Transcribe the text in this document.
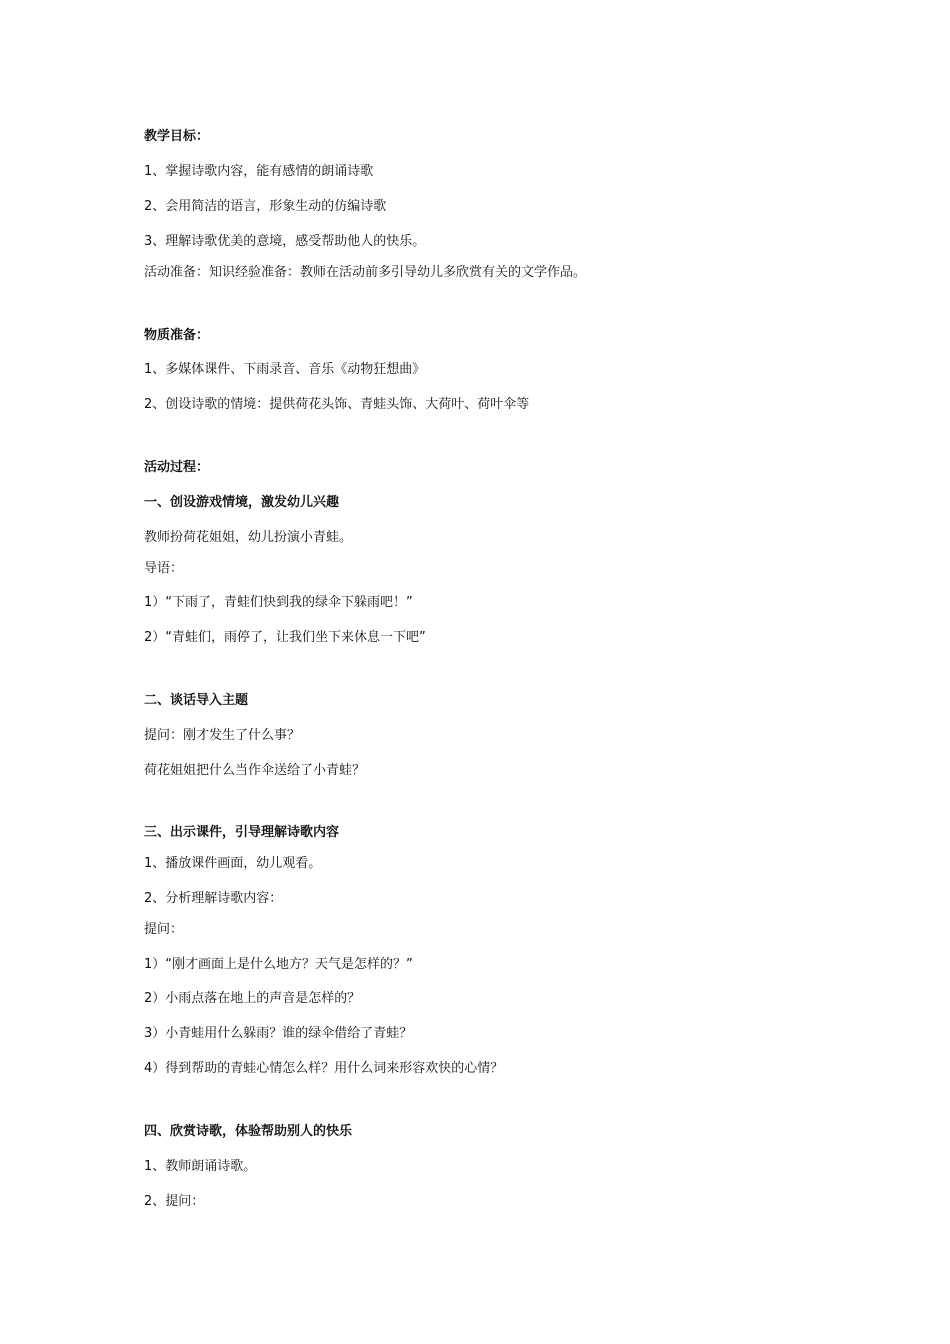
教学目标：
1、掌握诗歌内容，能有感情的朗诵诗歌
2、会用简洁的语言，形象生动的仿编诗歌
3、理解诗歌优美的意境，感受帮助他人的快乐。
活动准备：知识经验准备：教师在活动前多引导幼儿多欣赏有关的文学作品。
物质准备：
1、多媒体课件、下雨录音、音乐《动物狂想曲》
2、创设诗歌的情境：提供荷花头饰、青蛙头饰、大荷叶、荷叶伞等
活动过程：
一、创设游戏情境，激发幼儿兴趣
教师扮荷花姐姐，幼儿扮演小青蛙。
导语：
1）“下雨了，青蛙们快到我的绿伞下躲雨吧！”
2）“青蛙们，雨停了，让我们坐下来休息一下吧”
二、谈话导入主题
提问：刚才发生了什么事？
荷花姐姐把什么当作伞送给了小青蛙？
三、出示课件，引导理解诗歌内容
1、播放课件画面，幼儿观看。
2、分析理解诗歌内容：
提问：
1）“刚才画面上是什么地方？天气是怎样的？”
2）小雨点落在地上的声音是怎样的？
3）小青蛙用什么躲雨？谁的绿伞借给了青蛙？
4）得到帮助的青蛙心情怎么样？用什么词来形容欢快的心情？
四、欣赏诗歌，体验帮助别人的快乐
1、教师朗诵诗歌。
2、提问：
